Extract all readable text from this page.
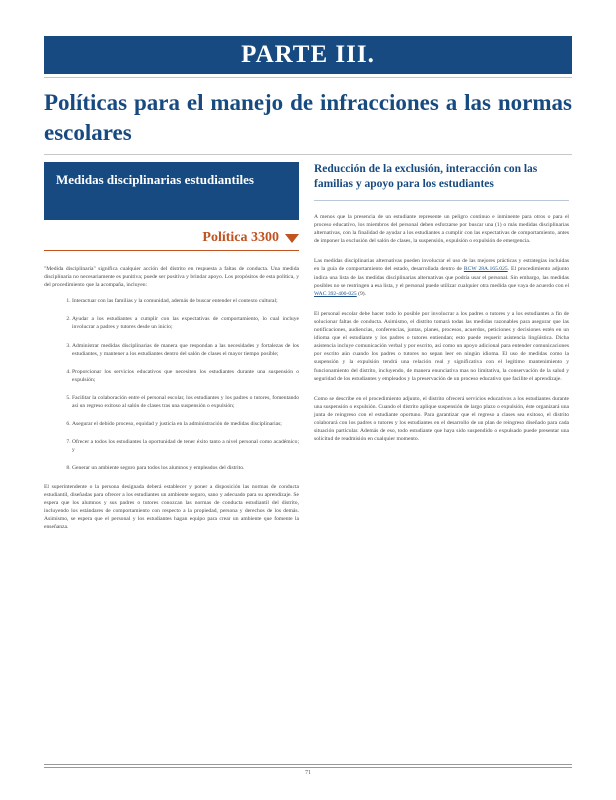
PARTE III.
Políticas para el manejo de infracciones a las normas escolares
Medidas disciplinarias estudiantiles
Política 3300

"Medida disciplinaria" significa cualquier acción del distrito en respuesta a faltas de conducta. Una medida disciplinaria no necesariamente es punitiva; puede ser positiva y brindar apoyo. Los propósitos de esta política, y del procedimiento que la acompaña, incluyen:

1. Interactuar con las familias y la comunidad, además de buscar entender el contexto cultural;
2. Ayudar a los estudiantes a cumplir con las expectativas de comportamiento, lo cual incluye involucrar a padres y tutores desde un inicio;
3. Administrar medidas disciplinarias de manera que respondan a las necesidades y fortalezas de los estudiantes, y mantener a los estudiantes dentro del salón de clases el mayor tiempo posible;
4. Proporcionar los servicios educativos que necesiten los estudiantes durante una suspensión o expulsión;
5. Facilitar la colaboración entre el personal escolar, los estudiantes y los padres o tutores, fomentando así un regreso exitoso al salón de clases tras una suspensión o expulsión;
6. Asegurar el debido proceso, equidad y justicia en la administración de medidas disciplinarias;
7. Ofrecer a todos los estudiantes la oportunidad de tener éxito tanto a nivel personal como académico; y
8. Generar un ambiente seguro para todos los alumnos y empleados del distrito.

El superintendente o la persona designada deberá establecer y poner a disposición las normas de conducta estudiantil, diseñadas para ofrecer a los estudiantes un ambiente seguro, sano y adecuado para su aprendizaje. Se espera que los alumnos y sus padres o tutores conozcan las normas de conducta estudiantil del distrito, incluyendo los estándares de comportamiento con respecto a la propiedad, persona y derechos de los demás. Asimismo, se espera que el personal y los estudiantes hagan equipo para crear un ambiente que fomente la enseñanza.

Reducción de la exclusión, interacción con las familias y apoyo para los estudiantes

A menos que la presencia de un estudiante represente un peligro continuo e inminente para otros o para el proceso educativo, los miembros del personal deben esforzarse por buscar una (1) o más medidas disciplinarias alternativas, con la finalidad de ayudar a los estudiantes a cumplir con las expectativas de comportamiento, antes de imponer la exclusión del salón de clases, la suspensión, expulsión o expulsión de emergencia.

Las medidas disciplinarias alternativas pueden involucrar el uso de las mejores prácticas y estrategias incluidas en la guía de comportamiento del estado, desarrollada dentro de RCW 28A.165.025. El procedimiento adjunto indica una lista de las medidas disciplinarias alternativas que podría usar el personal. Sin embargo, las medidas posibles no se restringen a esa lista, y el personal puede utilizar cualquier otra medida que vaya de acuerdo con el WAC 392-400-025 (9).

El personal escolar debe hacer todo lo posible por involucrar a los padres o tutores y a los estudiantes a fin de solucionar faltas de conducta. Asimismo, el distrito tomará todas las medidas razonables para asegurar que las notificaciones, audiencias, conferencias, juntas, planes, procesos, acuerdos, peticiones y decisiones estén en un idioma que el estudiante y los padres o tutores entiendan; esto puede requerir asistencia lingüística. Dicha asistencia incluye comunicación verbal y por escrito, así como un apoyo adicional para entender comunicaciones por escrito aún cuando los padres o tutores no sepan leer en ningún idioma. El uso de medidas como la suspensión y la expulsión tendrá una relación real y significativa con el legítimo mantenimiento y funcionamiento del distrito, incluyendo, de manera enunciativa mas no limitativa, la conservación de la salud y seguridad de los estudiantes y empleados y la preservación de un proceso educativo que facilite el aprendizaje.

Como se describe en el procedimiento adjunto, el distrito ofrecerá servicios educativos a los estudiantes durante una suspensión o expulsión. Cuando el distrito aplique suspensión de largo plazo o expulsión, éste organizará una junta de reingreso con el estudiante oportuno. Para garantizar que el regreso a clases sea exitoso, el distrito colaborará con los padres o tutores y los estudiantes en el desarrollo de un plan de reingreso diseñado para cada situación particular. Además de eso, todo estudiante que haya sido suspendido o expulsado puede presentar una solicitud de readmisión en cualquier momento.

71
